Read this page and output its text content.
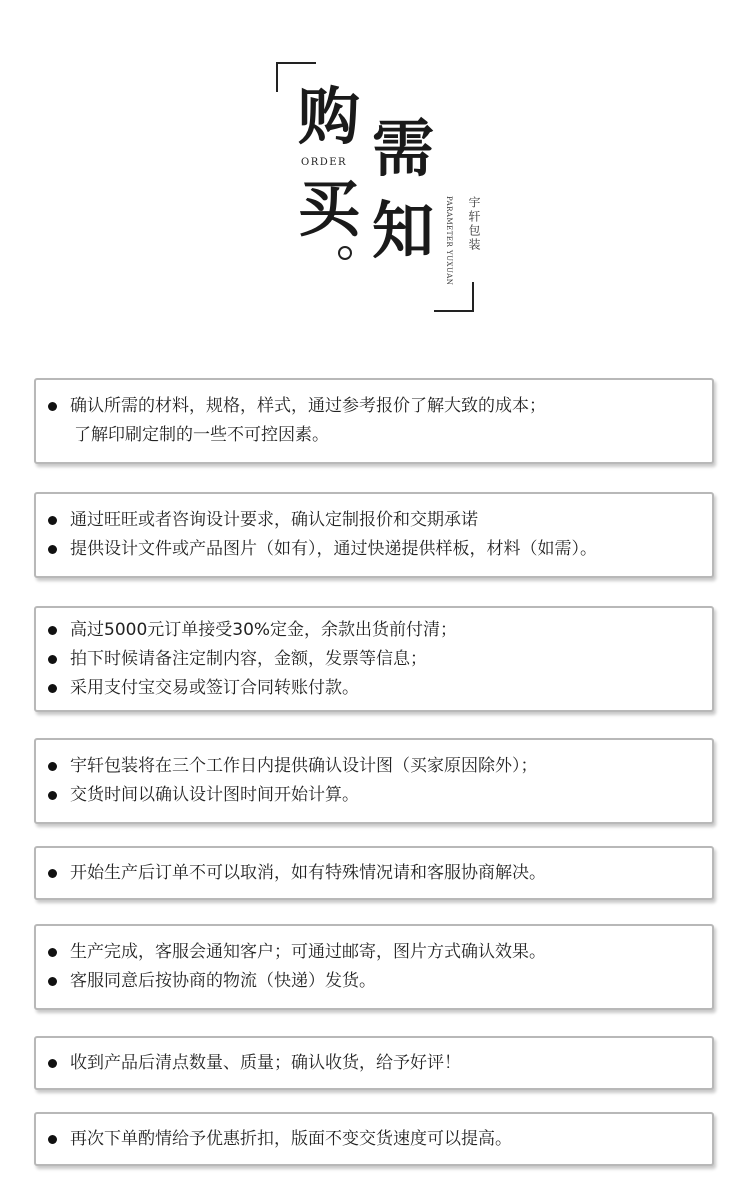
购 需
买 知
ORDER
PARAMETER YUXUAN 宇轩包装
确认所需的材料，规格，样式，通过参考报价了解大致的成本；
了解印刷定制的一些不可控因素。
通过旺旺或者咨询设计要求，确认定制报价和交期承诺
提供设计文件或产品图片（如有），通过快递提供样板，材料（如需）。
高过5000元订单接受30%定金，余款出货前付清；
拍下时候请备注定制内容，金额，发票等信息；
采用支付宝交易或签订合同转账付款。
宇轩包装将在三个工作日内提供确认设计图（买家原因除外）；
交货时间以确认设计图时间开始计算。
开始生产后订单不可以取消，如有特殊情况请和客服协商解决。
生产完成，客服会通知客户；可通过邮寄，图片方式确认效果。
客服同意后按协商的物流（快递）发货。
收到产品后清点数量、质量；确认收货，给予好评！
再次下单酌情给予优惠折扣，版面不变交货速度可以提高。
